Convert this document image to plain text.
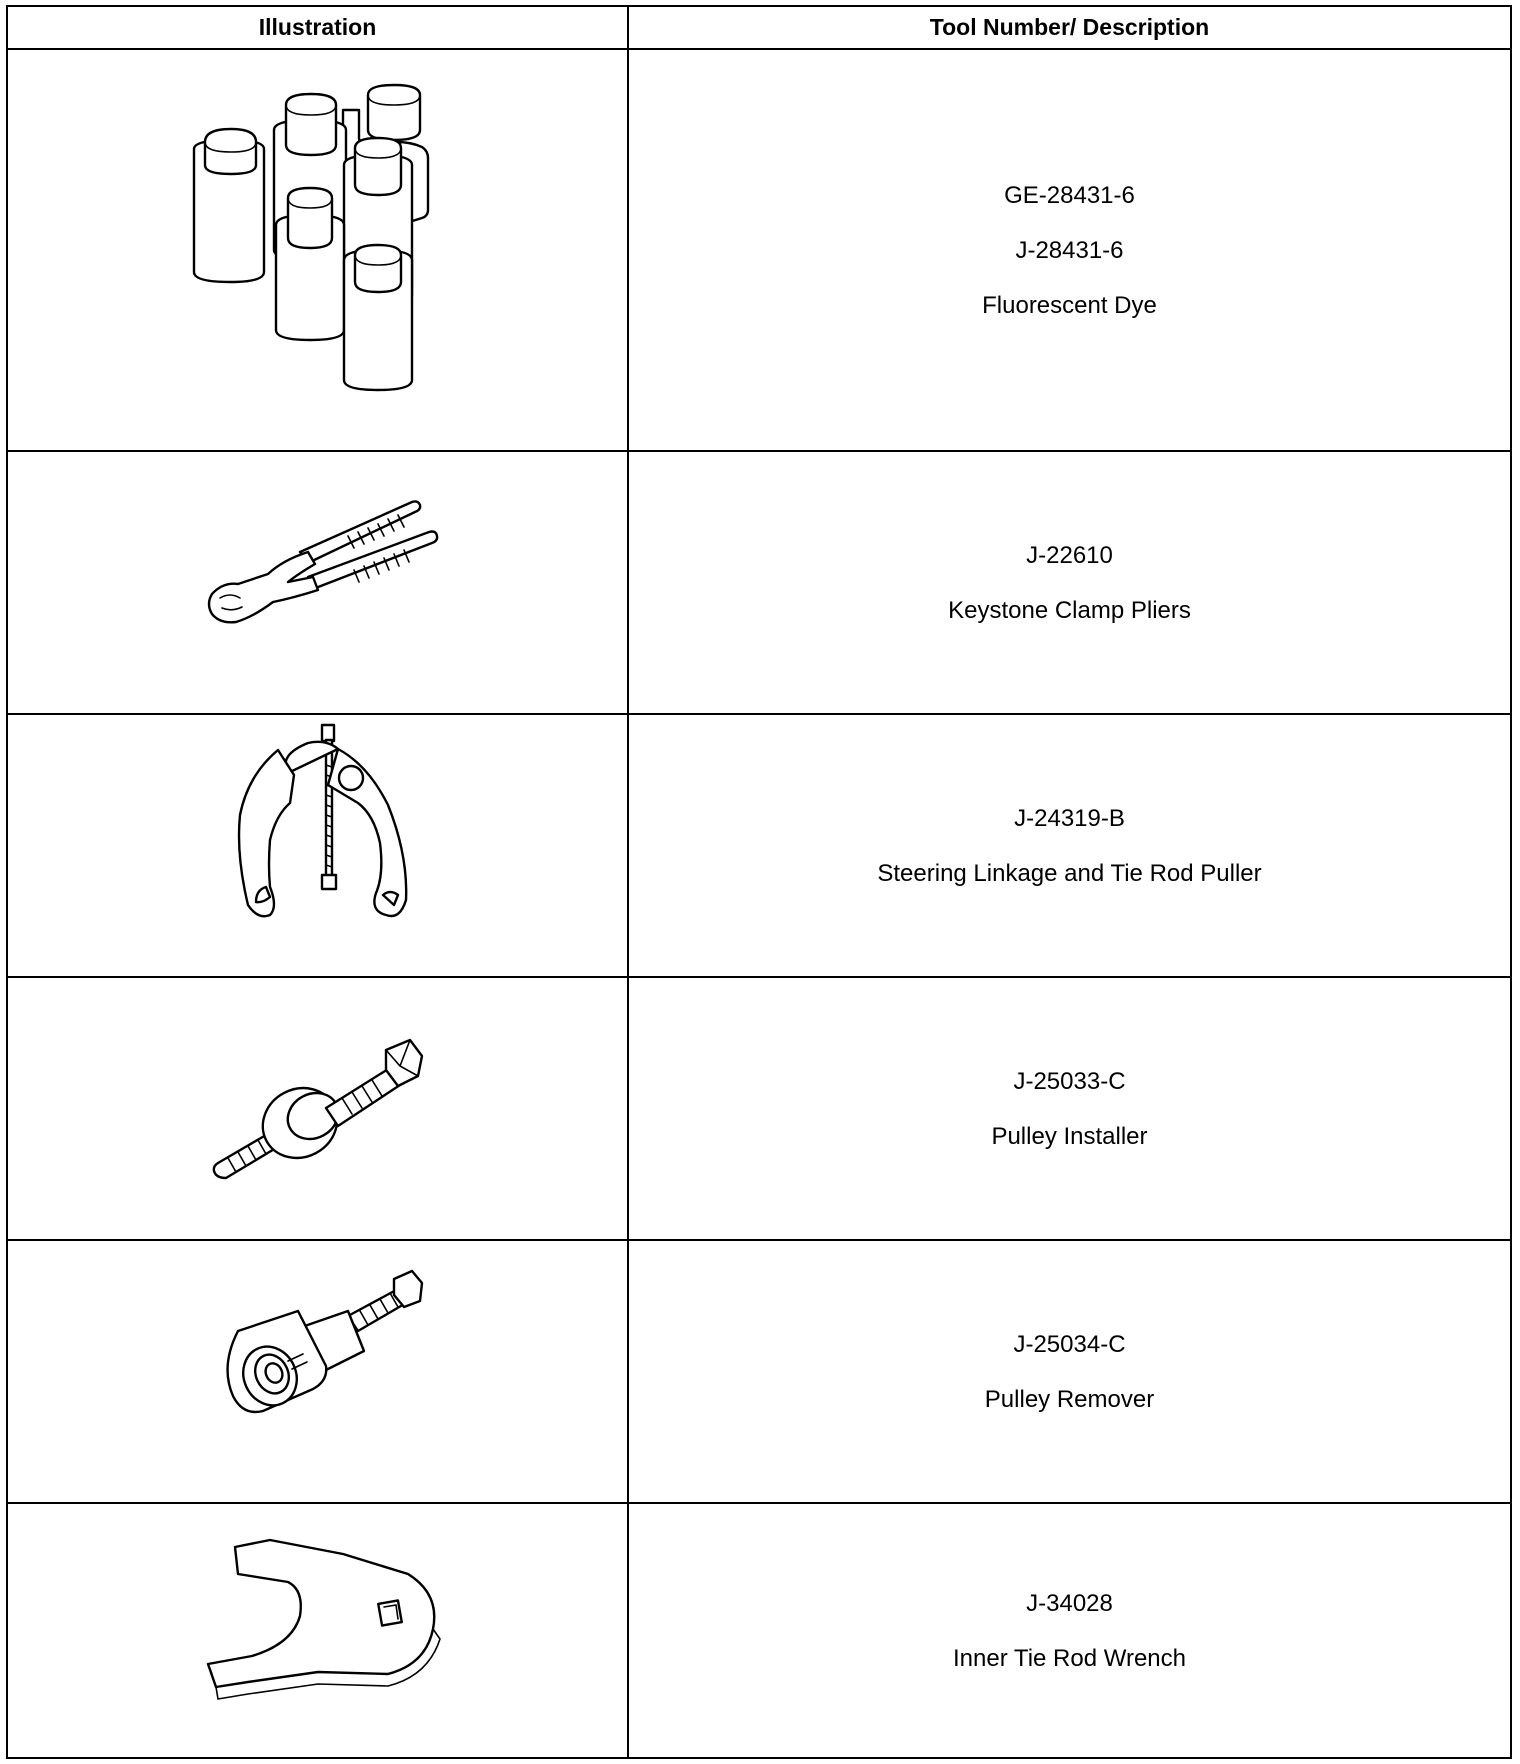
Illustration	Tool Number/ Description
GE-28431-6
J-28431-6
Fluorescent Dye
J-22610
Keystone Clamp Pliers
J-24319-B
Steering Linkage and Tie Rod Puller
J-25033-C
Pulley Installer
J-25034-C
Pulley Remover
J-34028
Inner Tie Rod Wrench
